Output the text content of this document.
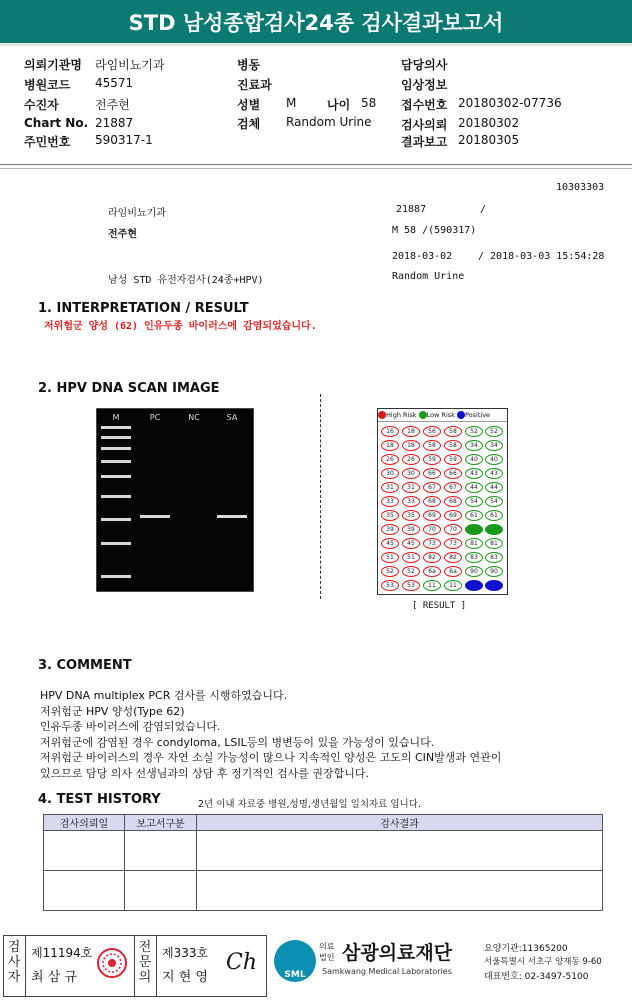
STD 남성종합검사24종 검사결과보고서
의뢰기관명 라임비뇨기과
병원코드 45571
수진자	전주현
Chart No. 21887
주민번호 590317-1
병동
진료과
성별 M	나이 58
검체 Random Urine
담당의사
임상정보
접수번호 20180302-07736
검사의뢰 20180302
결과보고 20180305
10303303
라임비뇨기과	21887	/
전주현	M 58 /(590317)
2018-03-02	/ 2018-03-03 15:54:28
남성 STD 유전자검사(24종+HPV)	Random Urine
1. INTERPRETATION / RESULT
저위험군 양성 (62) 인유두종 바이러스에 감염되었습니다.
2. HPV DNA SCAN IMAGE
M	PC	NC	SA	High Risk Low Risk Positive
16	18	56	58	52	52
18	18	58	58	34	34
26	26	59	59	40	40
30	30	66	66	43	43
31	31	67	67	44	44
33	33	68	68	54	54
35	35	69	69	61	61
39	39	70	70	62	62
45	45	73	73	81	81
51	51	82	82	83	83
52	52	6a	6a	90	90
53	53	11	11
[ RESULT ]
3. COMMENT
HPV DNA multiplex PCR 검사를 시행하였습니다.
저위험군 HPV 양성(Type 62)
인유두종 바이러스에 감염되었습니다.
저위험군에 감염된 경우 condyloma, LSIL등의 병변등이 있을 가능성이 있습니다.
저위험군 바이러스의 경우 자연 소실 가능성이 많으나 지속적인 양성은 고도의 CIN발생과 연관이
있으므로 담당 의사 선생님과의 상담 후 정기적인 검사를 권장합니다.
4. TEST HISTORY	2년 이내 자료중 병원,성명,생년월일 일치자료 입니다.
검사의뢰일	보고서구분	검사결과

검사자
제11194호
최 삼 규
전문의
제333호
지 현 영
Ch	SML
의료
법인 삼광의료재단
Samkwang Medical Laboratories
요양기관:11365200
서울특별시 서초구 양재동 9-60
대표번호: 02-3497-5100
